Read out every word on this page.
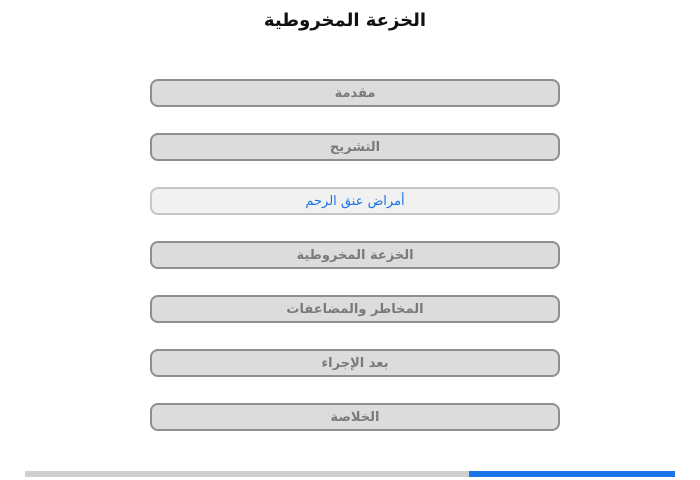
الخزعة المخروطية
مقدمة
التشريح
أمراض عنق الرحم
الخزعة المخروطية
المخاطر والمضاعفات
بعد الإجراء
الخلاصة
